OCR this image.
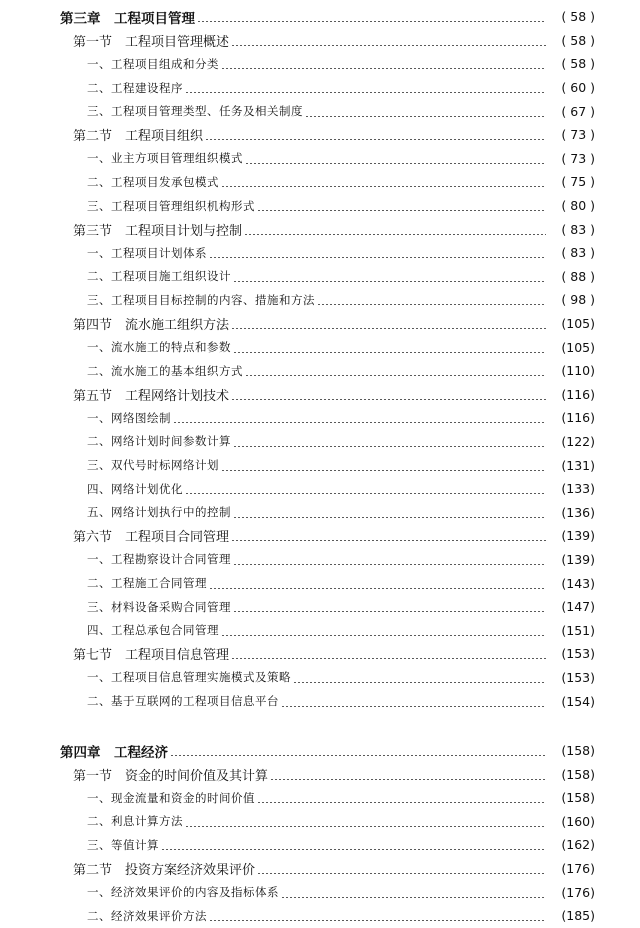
第三章　工程项目管理	( 58 )
第一节　工程项目管理概述	( 58 )
一、工程项目组成和分类	( 58 )
二、工程建设程序	( 60 )
三、工程项目管理类型、任务及相关制度	( 67 )
第二节　工程项目组织	( 73 )
一、业主方项目管理组织模式	( 73 )
二、工程项目发承包模式	( 75 )
三、工程项目管理组织机构形式	( 80 )
第三节　工程项目计划与控制	( 83 )
一、工程项目计划体系	( 83 )
二、工程项目施工组织设计	( 88 )
三、工程项目目标控制的内容、措施和方法	( 98 )
第四节　流水施工组织方法	(105)
一、流水施工的特点和参数	(105)
二、流水施工的基本组织方式	(110)
第五节　工程网络计划技术	(116)
一、网络图绘制	(116)
二、网络计划时间参数计算	(122)
三、双代号时标网络计划	(131)
四、网络计划优化	(133)
五、网络计划执行中的控制	(136)
第六节　工程项目合同管理	(139)
一、工程勘察设计合同管理	(139)
二、工程施工合同管理	(143)
三、材料设备采购合同管理	(147)
四、工程总承包合同管理	(151)
第七节　工程项目信息管理	(153)
一、工程项目信息管理实施模式及策略	(153)
二、基于互联网的工程项目信息平台	(154)
第四章　工程经济	(158)
第一节　资金的时间价值及其计算	(158)
一、现金流量和资金的时间价值	(158)
二、利息计算方法	(160)
三、等值计算	(162)
第二节　投资方案经济效果评价	(176)
一、经济效果评价的内容及指标体系	(176)
二、经济效果评价方法	(185)
